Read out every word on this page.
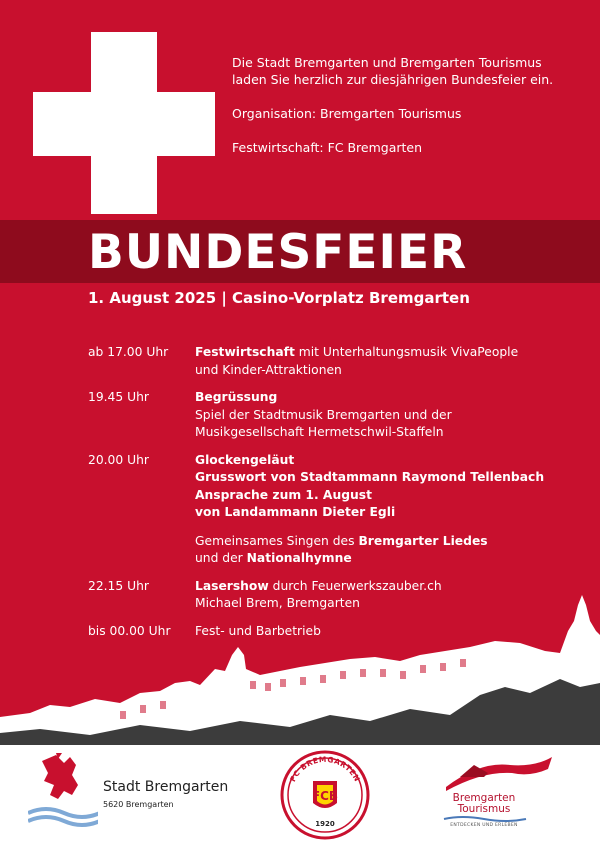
Die Stadt Bremgarten und Bremgarten Tourismus

laden Sie herzlich zur diesjährigen Bundesfeier ein.

Organisation: Bremgarten Tourismus

Festwirtschaft: FC Bremgarten

BUNDESFEIER
1. August 2025 | Casino-Vorplatz Bremgarten
ab 17.00 Uhr	Festwirtschaft mit Unterhaltungsmusik VivaPeople
und Kinder-Attraktionen
19.45 Uhr	Begrüssung
Spiel der Stadtmusik Bremgarten und der
Musikgesellschaft Hermetschwil-Staffeln
20.00 Uhr	Glockengeläut
Grusswort von Stadtammann Raymond Tellenbach
Ansprache zum 1. August
von Landammann Dieter Egli
Gemeinsames Singen des Bremgarter Liedes
und der Nationalhymne
22.15 Uhr	Lasershow durch Feuerwerkszauber.ch
Michael Brem, Bremgarten
bis 00.00 Uhr	Fest- und Barbetrieb
Stadt Bremgarten
5620 Bremgarten
FC BREMGARTEN
FCB
1920
Bremgarten
Tourismus
ENTDECKEN UND ERLEBEN
